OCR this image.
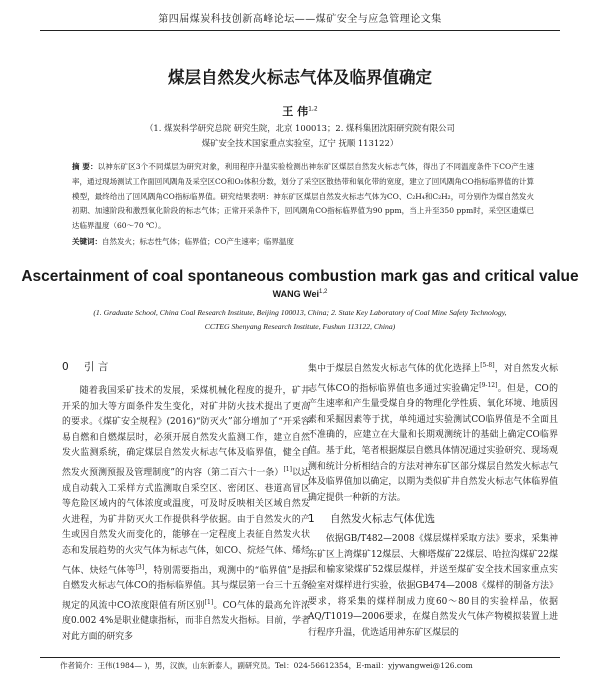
第四届煤炭科技创新高峰论坛——煤矿安全与应急管理论文集
煤层自然发火标志气体及临界值确定
王 伟$^{1,2}$
（1. 煤炭科学研究总院 研究生院，北京 100013；2. 煤科集团沈阳研究院有限公司
煤矿安全技术国家重点实验室，辽宁 抚顺 113122）
摘 要：以神东矿区3个不同煤层为研究对象，利用程序升温实验检测出神东矿区煤层自然发火标志气体，得出了不同温度条件下CO产生速率，通过现场测试工作面回风隅角及采空区CO和O₂体积分数，划分了采空区散热带和氧化带的宽度，建立了回风隅角CO指标临界值的计算模型，最终给出了回风隅角CO指标临界值。研究结果表明：神东矿区煤层自然发火标志气体为CO、C₂H₄和C₂H₂，可分别作为煤自然发火初期、加速阶段和激烈氧化阶段的标志气体；正常开采条件下，回风隅角CO指标临界值为90 ppm，当上升至350 ppm时，采空区遗煤已达临界温度（60～70 ℃）。
关键词：自然发火；标志性气体；临界值；CO产生速率；临界温度
Ascertainment of coal spontaneous combustion mark gas and critical value
WANG Wei$^{1,2}$
(1. Graduate School, China Coal Research Institute, Beijing 100013, China; 2. State Key Laboratory of Coal Mine Safety Technology,
CCTEG Shenyang Research Institute, Fushun 113122, China)
0 引 言

随着我国采矿技术的发展，采煤机械化程度的提升，矿井开采的加大等方面条件发生变化，对矿井防火技术提出了更高的要求。《煤矿安全规程》(2016)“防灭火”部分增加了“开采容易自燃和自燃煤层时，必须开展自然发火监测工作，建立自然发火监测系统，确定煤层自然发火标志气体及临界值，健全自然发火预测预报及管理制度”的内容（第二百六十一条）[1]以达成自动载入工采样方式监测取自采空区、密闭区、巷道高冒区等危险区域内的气体浓度或温度，可及时反映相关区域自然发火进程，为矿井防灭火工作提供科学依据。由于自然发火的产生或因自然发火而变化的，能够在一定程度上表征自然发火状态和发展趋势的火灾气体为标志气体，如CO、烷烃气体、烯烃气体、炔烃气体等[3]，特别需要指出，观测中的“临界值”是指自燃发火标志气体CO的指标临界值。其与煤层第一台三十五条规定的风流中CO浓度限值有所区别[1]。CO气体的最高允许浓度0.002 4%是职业健康指标，而非自然发火指标。目前，学者对此方面的研究多

集中于煤层自然发火标志气体的优化选择上[5-8]，对自然发火标志气体CO的指标临界值也多通过实验确定[9-12]。但是，CO的产生速率和产生量受煤自身的物理化学性质、氧化环境、地质因素和采掘因素等于扰，单纯通过实验测试CO临界值是不全面且不准确的，应建立在大量和长期观测统计的基础上确定CO临界值。基于此，笔者根据煤层自燃具体情况通过实验研究、现场观测和统计分析相结合的方法对神东矿区部分煤层自然发火标志气体及临界值加以确定，以期为类似矿井自然发火标志气体临界值确定提供一种新的方法。

1 自然发火标志气体优选

依据GB/T482—2008《煤层煤样采取方法》要求，采集神东矿区上湾煤矿12煤层、大柳塔煤矿22煤层、哈拉沟煤矿22煤层和榆家梁煤矿52煤层煤样，并送至煤矿安全技术国家重点实验室对煤样进行实验，依据GB474—2008《煤样的制备方法》要求，将采集的煤样制成力度60～80目的实验样品，依据AQ/T1019—2006要求，在煤自然发火气体产物模拟装置上进行程序升温，优选适用神东矿区煤层的

作者简介：王伟(1984— )，男，汉族，山东新泰人，副研究员。Tel：024-56612354，E-mail：yjywangwei@126.com
